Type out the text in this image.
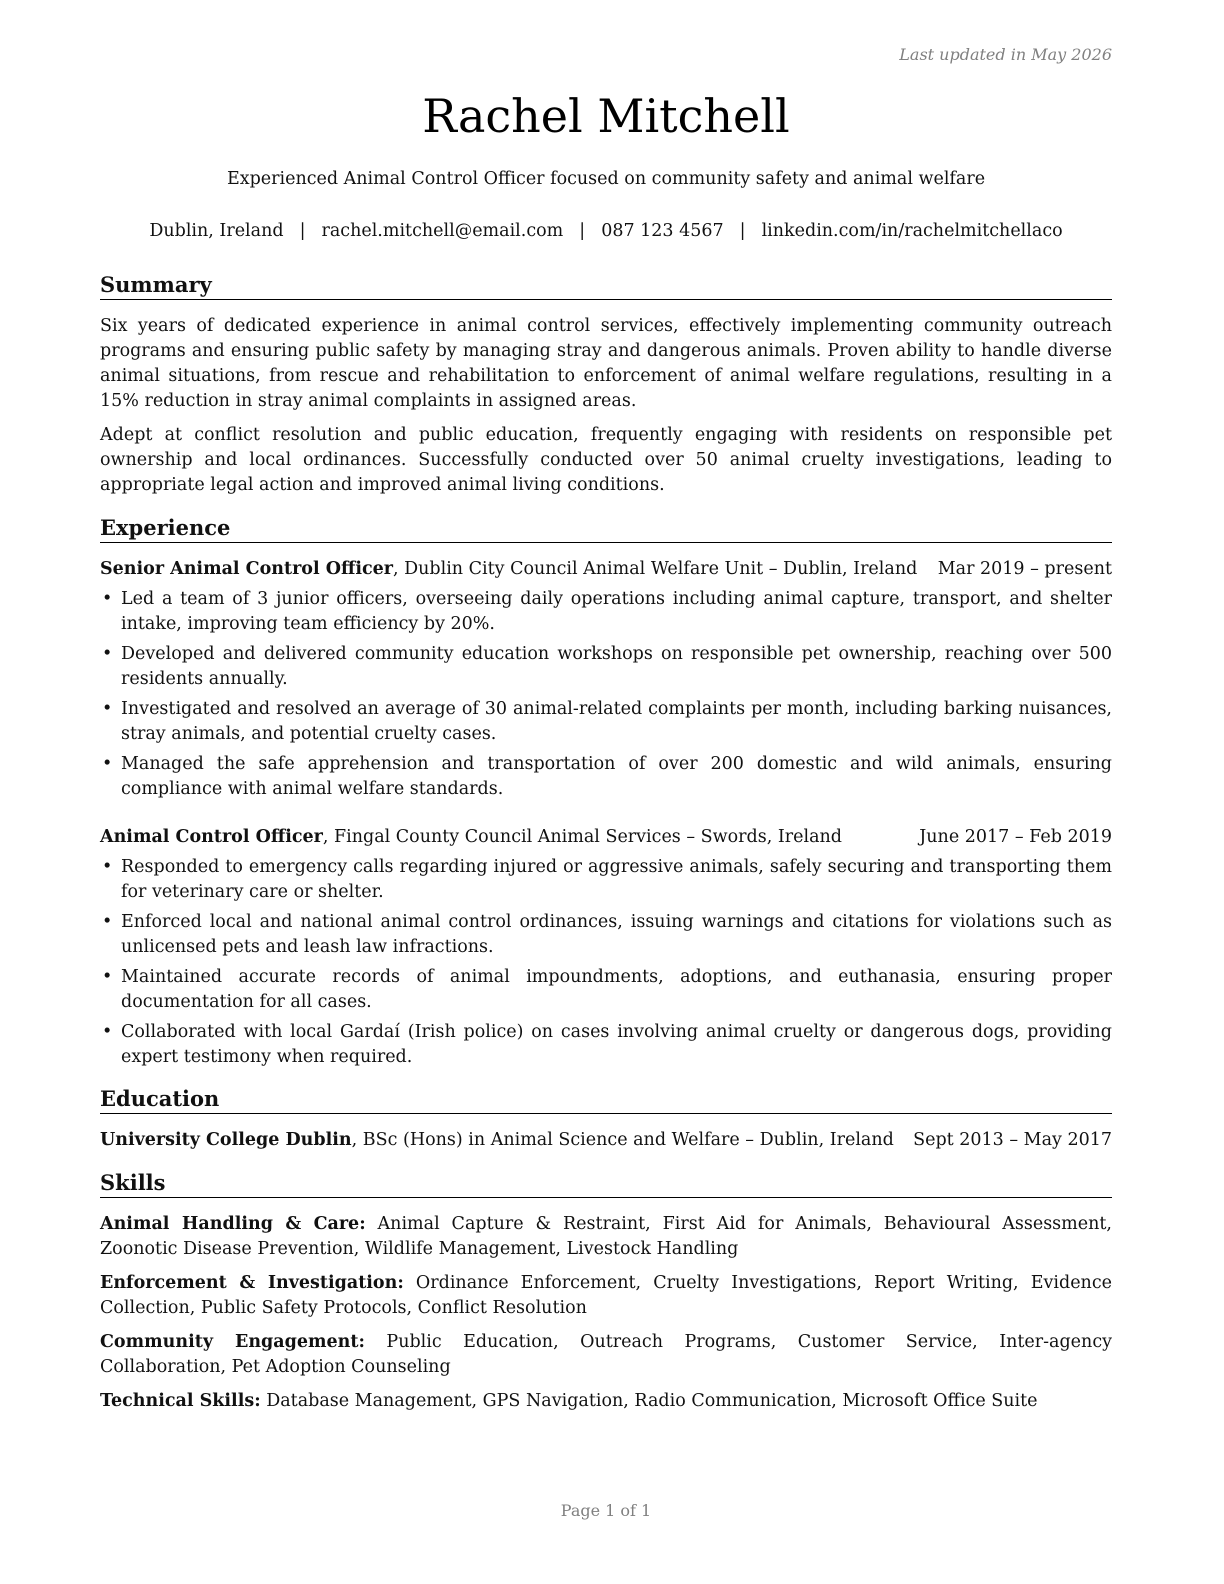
Last updated in May 2026
Rachel Mitchell
Experienced Animal Control Officer focused on community safety and animal welfare
Dublin, Ireland | rachel.mitchell@email.com | 087 123 4567 | linkedin.com/in/rachelmitchellaco
Summary
Six years of dedicated experience in animal control services, effectively implementing community outreach programs and ensuring public safety by managing stray and dangerous animals. Proven ability to handle diverse animal situations, from rescue and rehabilitation to enforcement of animal welfare regulations, resulting in a 15% reduction in stray animal complaints in assigned areas.
Adept at conflict resolution and public education, frequently engaging with residents on responsible pet ownership and local ordinances. Successfully conducted over 50 animal cruelty investigations, leading to appropriate legal action and improved animal living conditions.
Experience
Senior Animal Control Officer, Dublin City Council Animal Welfare Unit – Dublin, Ireland Mar 2019 – present
• Led a team of 3 junior officers, overseeing daily operations including animal capture, transport, and shelter intake, improving team efficiency by 20%.
• Developed and delivered community education workshops on responsible pet ownership, reaching over 500 residents annually.
• Investigated and resolved an average of 30 animal-related complaints per month, including barking nuisances, stray animals, and potential cruelty cases.
• Managed the safe apprehension and transportation of over 200 domestic and wild animals, ensuring compliance with animal welfare standards.
Animal Control Officer, Fingal County Council Animal Services – Swords, Ireland	June 2017 – Feb 2019
• Responded to emergency calls regarding injured or aggressive animals, safely securing and transporting them for veterinary care or shelter.
• Enforced local and national animal control ordinances, issuing warnings and citations for violations such as unlicensed pets and leash law infractions.
• Maintained accurate records of animal impoundments, adoptions, and euthanasia, ensuring proper documentation for all cases.
• Collaborated with local Gardaí (Irish police) on cases involving animal cruelty or dangerous dogs, providing expert testimony when required.
Education
University College Dublin, BSc (Hons) in Animal Science and Welfare – Dublin, Ireland Sept 2013 – May 2017
Skills
Animal Handling & Care: Animal Capture & Restraint, First Aid for Animals, Behavioural Assessment, Zoonotic Disease Prevention, Wildlife Management, Livestock Handling
Enforcement & Investigation: Ordinance Enforcement, Cruelty Investigations, Report Writing, Evidence Collection, Public Safety Protocols, Conflict Resolution
Community Engagement: Public Education, Outreach Programs, Customer Service, Inter-agency Collaboration, Pet Adoption Counseling
Technical Skills: Database Management, GPS Navigation, Radio Communication, Microsoft Office Suite
Page 1 of 1
